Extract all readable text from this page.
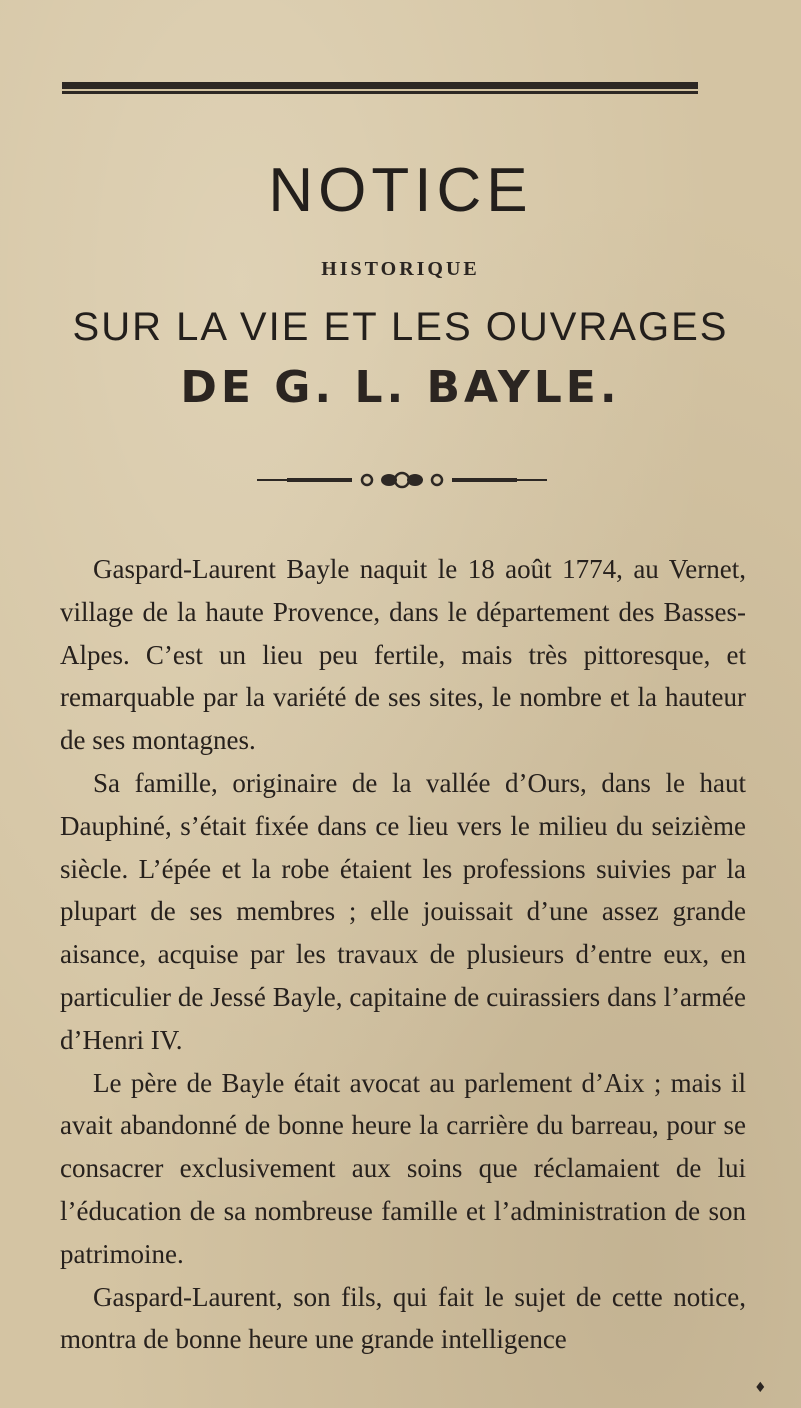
NOTICE
HISTORIQUE
SUR LA VIE ET LES OUVRAGES
DE G. L. BAYLE.

Gaspard-Laurent Bayle naquit le 18 août 1774, au Vernet, village de la haute Provence, dans le département des Basses-Alpes. C’est un lieu peu fertile, mais très pittoresque, et remarquable par la variété de ses sites, le nombre et la hauteur de ses montagnes.

Sa famille, originaire de la vallée d’Ours, dans le haut Dauphiné, s’était fixée dans ce lieu vers le milieu du seizième siècle. L’épée et la robe étaient les professions suivies par la plupart de ses membres ; elle jouissait d’une assez grande aisance, acquise par les travaux de plusieurs d’entre eux, en particulier de Jessé Bayle, capitaine de cuirassiers dans l’armée d’Henri IV.

Le père de Bayle était avocat au parlement d’Aix ; mais il avait abandonné de bonne heure la carrière du barreau, pour se consacrer exclusivement aux soins que réclamaient de lui l’éducation de sa nombreuse famille et l’administration de son patrimoine.

Gaspard-Laurent, son fils, qui fait le sujet de cette notice, montra de bonne heure une grande intelligence

♦
